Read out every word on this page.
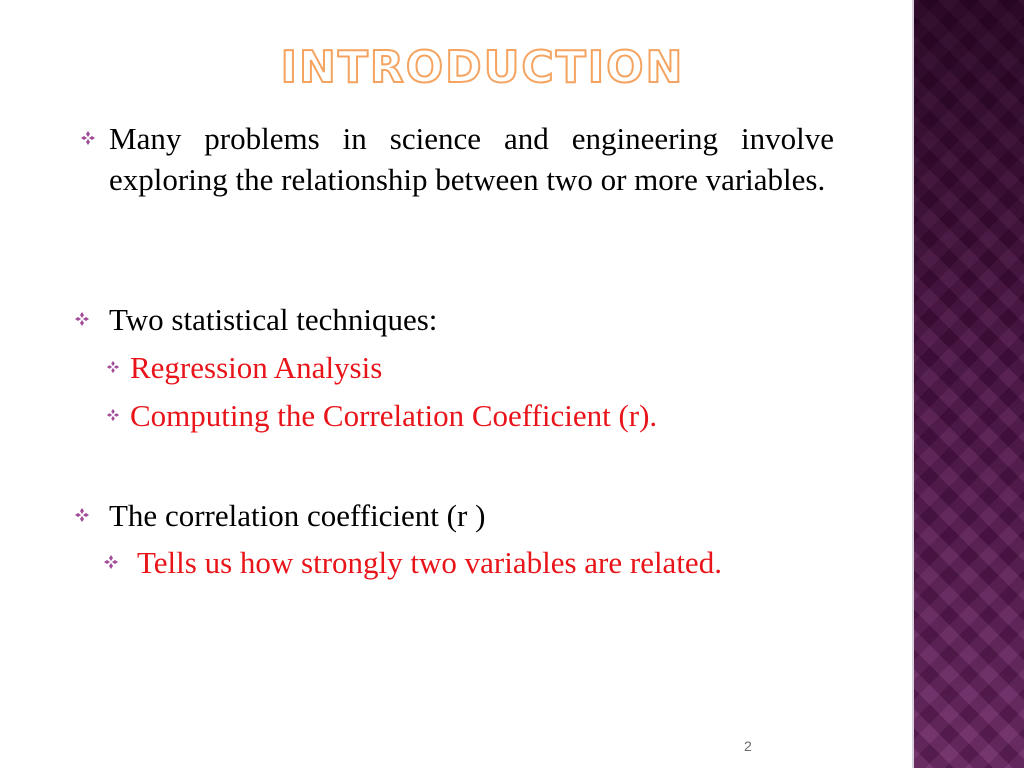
INTRODUCTION
Many problems in science and engineering involve exploring the relationship between two or more variables.
Two statistical techniques:
Regression Analysis
Computing the Correlation Coefficient (r).
The correlation coefficient (r )
Tells us how strongly two variables are related.
2
